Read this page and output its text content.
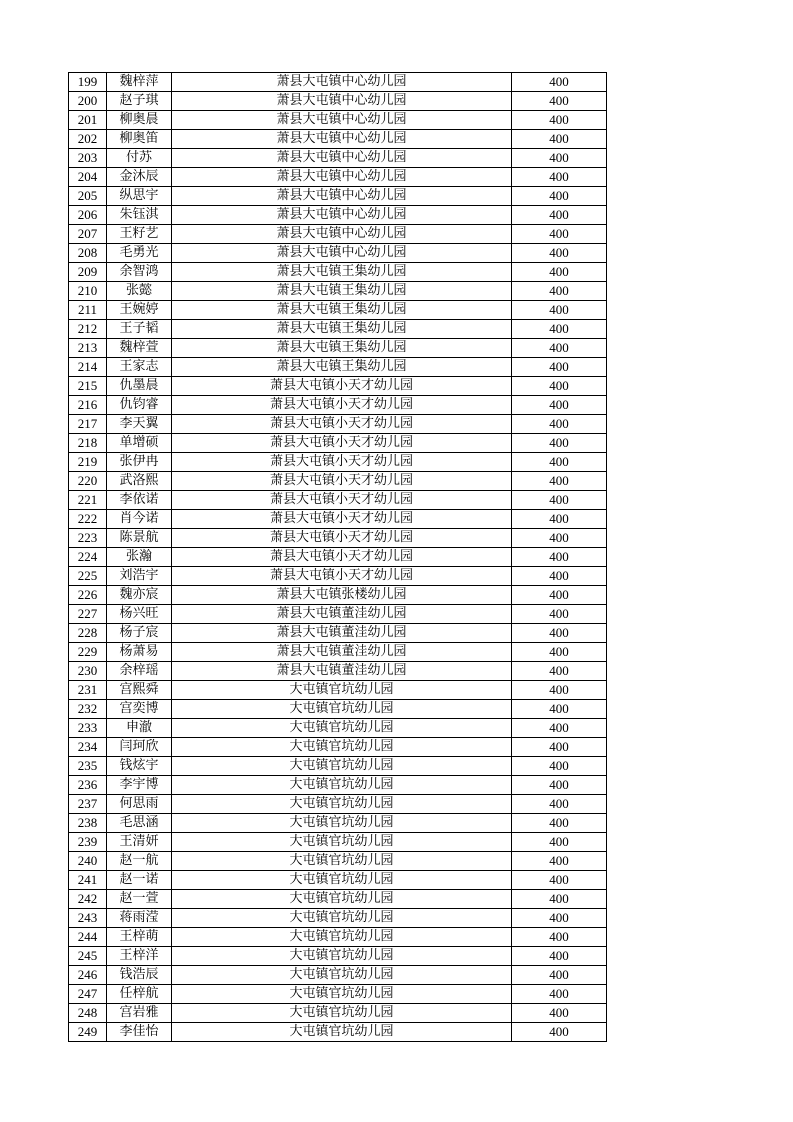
199	魏梓萍	萧县大屯镇中心幼儿园	400
200	赵子琪	萧县大屯镇中心幼儿园	400
201	柳奥晨	萧县大屯镇中心幼儿园	400
202	柳奥笛	萧县大屯镇中心幼儿园	400
203	付苏	萧县大屯镇中心幼儿园	400
204	金沐辰	萧县大屯镇中心幼儿园	400
205	纵思宇	萧县大屯镇中心幼儿园	400
206	朱钰淇	萧县大屯镇中心幼儿园	400
207	王籽艺	萧县大屯镇中心幼儿园	400
208	毛勇光	萧县大屯镇中心幼儿园	400
209	余智鸿	萧县大屯镇王集幼儿园	400
210	张懿	萧县大屯镇王集幼儿园	400
211	王婉婷	萧县大屯镇王集幼儿园	400
212	王子韬	萧县大屯镇王集幼儿园	400
213	魏梓萱	萧县大屯镇王集幼儿园	400
214	王家志	萧县大屯镇王集幼儿园	400
215	仇墨晨	萧县大屯镇小天才幼儿园	400
216	仇钧睿	萧县大屯镇小天才幼儿园	400
217	李天翼	萧县大屯镇小天才幼儿园	400
218	单增硕	萧县大屯镇小天才幼儿园	400
219	张伊冉	萧县大屯镇小天才幼儿园	400
220	武洛熙	萧县大屯镇小天才幼儿园	400
221	李依诺	萧县大屯镇小天才幼儿园	400
222	肖今诺	萧县大屯镇小天才幼儿园	400
223	陈景航	萧县大屯镇小天才幼儿园	400
224	张瀚	萧县大屯镇小天才幼儿园	400
225	刘浩宇	萧县大屯镇小天才幼儿园	400
226	魏亦宸	萧县大屯镇张楼幼儿园	400
227	杨兴旺	萧县大屯镇董洼幼儿园	400
228	杨子宸	萧县大屯镇董洼幼儿园	400
229	杨萧易	萧县大屯镇董洼幼儿园	400
230	余梓瑶	萧县大屯镇董洼幼儿园	400
231	宫熙舜	大屯镇官坑幼儿园	400
232	宫奕博	大屯镇官坑幼儿园	400
233	申澈	大屯镇官坑幼儿园	400
234	闫珂欣	大屯镇官坑幼儿园	400
235	钱炫宇	大屯镇官坑幼儿园	400
236	李宇博	大屯镇官坑幼儿园	400
237	何思雨	大屯镇官坑幼儿园	400
238	毛思涵	大屯镇官坑幼儿园	400
239	王清妍	大屯镇官坑幼儿园	400
240	赵一航	大屯镇官坑幼儿园	400
241	赵一诺	大屯镇官坑幼儿园	400
242	赵一萱	大屯镇官坑幼儿园	400
243	蒋雨滢	大屯镇官坑幼儿园	400
244	王梓萌	大屯镇官坑幼儿园	400
245	王梓洋	大屯镇官坑幼儿园	400
246	钱浩辰	大屯镇官坑幼儿园	400
247	任梓航	大屯镇官坑幼儿园	400
248	宫岩雅	大屯镇官坑幼儿园	400
249	李佳怡	大屯镇官坑幼儿园	400
